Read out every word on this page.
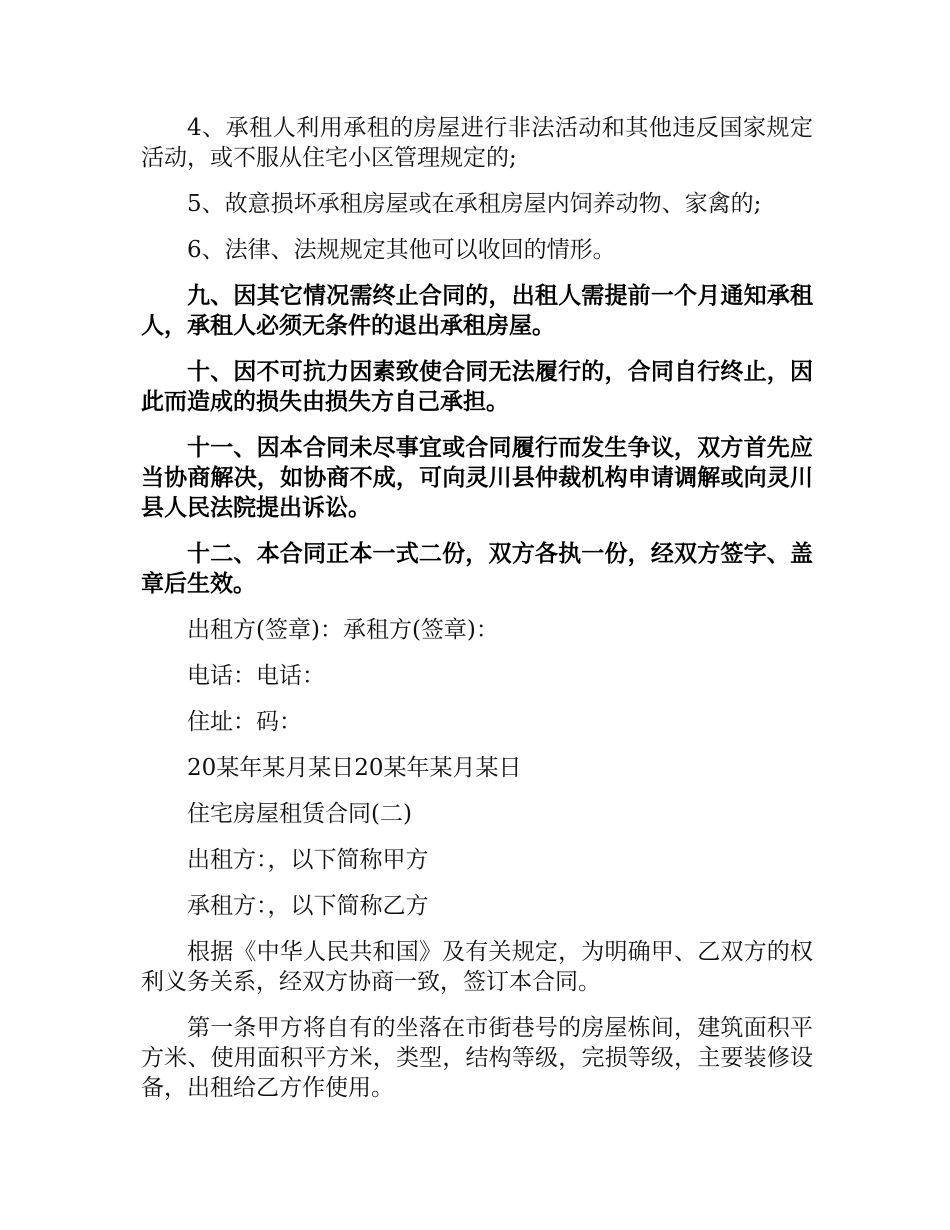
4、承租人利用承租的房屋进行非法活动和其他违反国家规定活动，或不服从住宅小区管理规定的;

5、故意损坏承租房屋或在承租房屋内饲养动物、家禽的;

6、法律、法规规定其他可以收回的情形。

九、因其它情况需终止合同的，出租人需提前一个月通知承租人，承租人必须无条件的退出承租房屋。

十、因不可抗力因素致使合同无法履行的，合同自行终止，因此而造成的损失由损失方自己承担。

十一、因本合同未尽事宜或合同履行而发生争议，双方首先应当协商解决，如协商不成，可向灵川县仲裁机构申请调解或向灵川县人民法院提出诉讼。

十二、本合同正本一式二份，双方各执一份，经双方签字、盖章后生效。

出租方(签章)：承租方(签章)：

电话：电话：

住址：码：

20某年某月某日20某年某月某日

住宅房屋租赁合同(二)

出租方：，以下简称甲方

承租方：，以下简称乙方

根据《中华人民共和国》及有关规定，为明确甲、乙双方的权利义务关系，经双方协商一致，签订本合同。

第一条甲方将自有的坐落在市街巷号的房屋栋间，建筑面积平方米、使用面积平方米，类型，结构等级，完损等级，主要装修设备，出租给乙方作使用。
